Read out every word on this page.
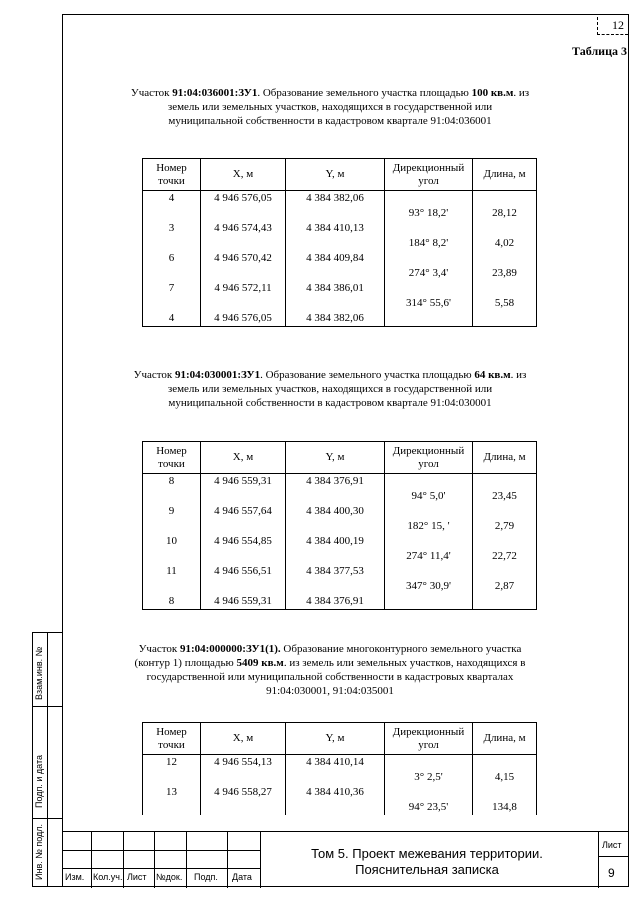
12
Таблица 3
Участок 91:04:036001:ЗУ1. Образование земельного участка площадью 100 кв.м. из земель или земельных участков, находящихся в государственной или муниципальной собственности в кадастровом квартале 91:04:036001
Номер точки	X, м	Y, м	Дирекционный угол	Длина, м
4	4 946 576,05	4 384 382,06		
			93° 18,2'	28,12
3	4 946 574,43	4 384 410,13		
			184° 8,2'	4,02
6	4 946 570,42	4 384 409,84		
			274° 3,4'	23,89
7	4 946 572,11	4 384 386,01		
			314° 55,6'	5,58
4	4 946 576,05	4 384 382,06		
Участок 91:04:030001:ЗУ1. Образование земельного участка площадью 64 кв.м. из земель или земельных участков, находящихся в государственной или муниципальной собственности в кадастровом квартале 91:04:030001
Номер точки	X, м	Y, м	Дирекционный угол	Длина, м
8	4 946 559,31	4 384 376,91		
			94° 5,0'	23,45
9	4 946 557,64	4 384 400,30		
			182° 15, '	2,79
10	4 946 554,85	4 384 400,19		
			274° 11,4'	22,72
11	4 946 556,51	4 384 377,53		
			347° 30,9'	2,87
8	4 946 559,31	4 384 376,91		
Участок 91:04:000000:ЗУ1(1). Образование многоконтурного земельного участка (контур 1) площадью 5409 кв.м. из земель или земельных участков, находящихся в государственной или муниципальной собственности в кадастровых кварталах 91:04:030001, 91:04:035001
Номер точки	X, м	Y, м	Дирекционный угол	Длина, м
12	4 946 554,13	4 384 410,14		
			3° 2,5'	4,15
13	4 946 558,27	4 384 410,36		
			94° 23,5'	134,8
Взам.инв. №
Подп. и дата
Инв. № подл. Изм. Кол.уч. Лист №док. Подп. Дата
Том 5. Проект межевания территории.
Пояснительная записка
Лист
9
